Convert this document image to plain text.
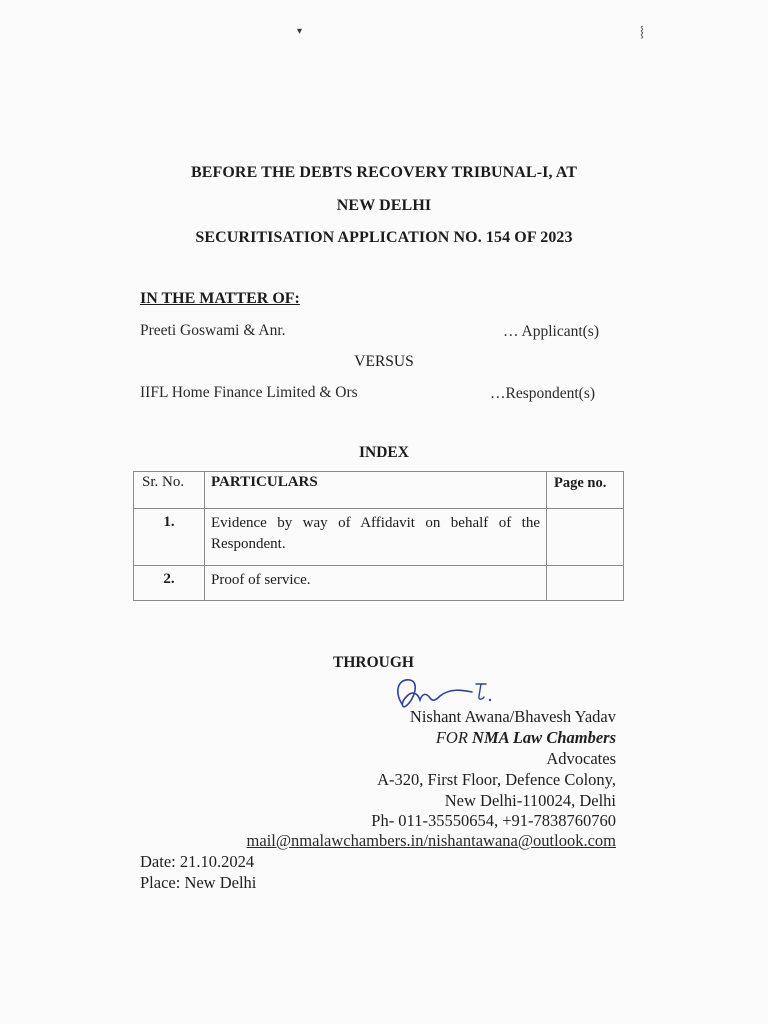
▾	⸾
BEFORE THE DEBTS RECOVERY TRIBUNAL-I, AT
NEW DELHI
SECURITISATION APPLICATION NO. 154 OF 2023
IN THE MATTER OF:
Preeti Goswami & Anr.	… Applicant(s)
VERSUS
IIFL Home Finance Limited & Ors	…Respondent(s)
INDEX
Sr. No.	PARTICULARS	Page no.

1.	Evidence by way of Affidavit on behalf of the Respondent.	

2.	Proof of service.	

THROUGH
Nishant Awana/Bhavesh Yadav
FOR NMA Law Chambers
Advocates
A-320, First Floor, Defence Colony,
New Delhi-110024, Delhi
Ph- 011-35550654, +91-7838760760
mail@nmalawchambers.in/nishantawana@outlook.com
Date: 21.10.2024
Place: New Delhi
